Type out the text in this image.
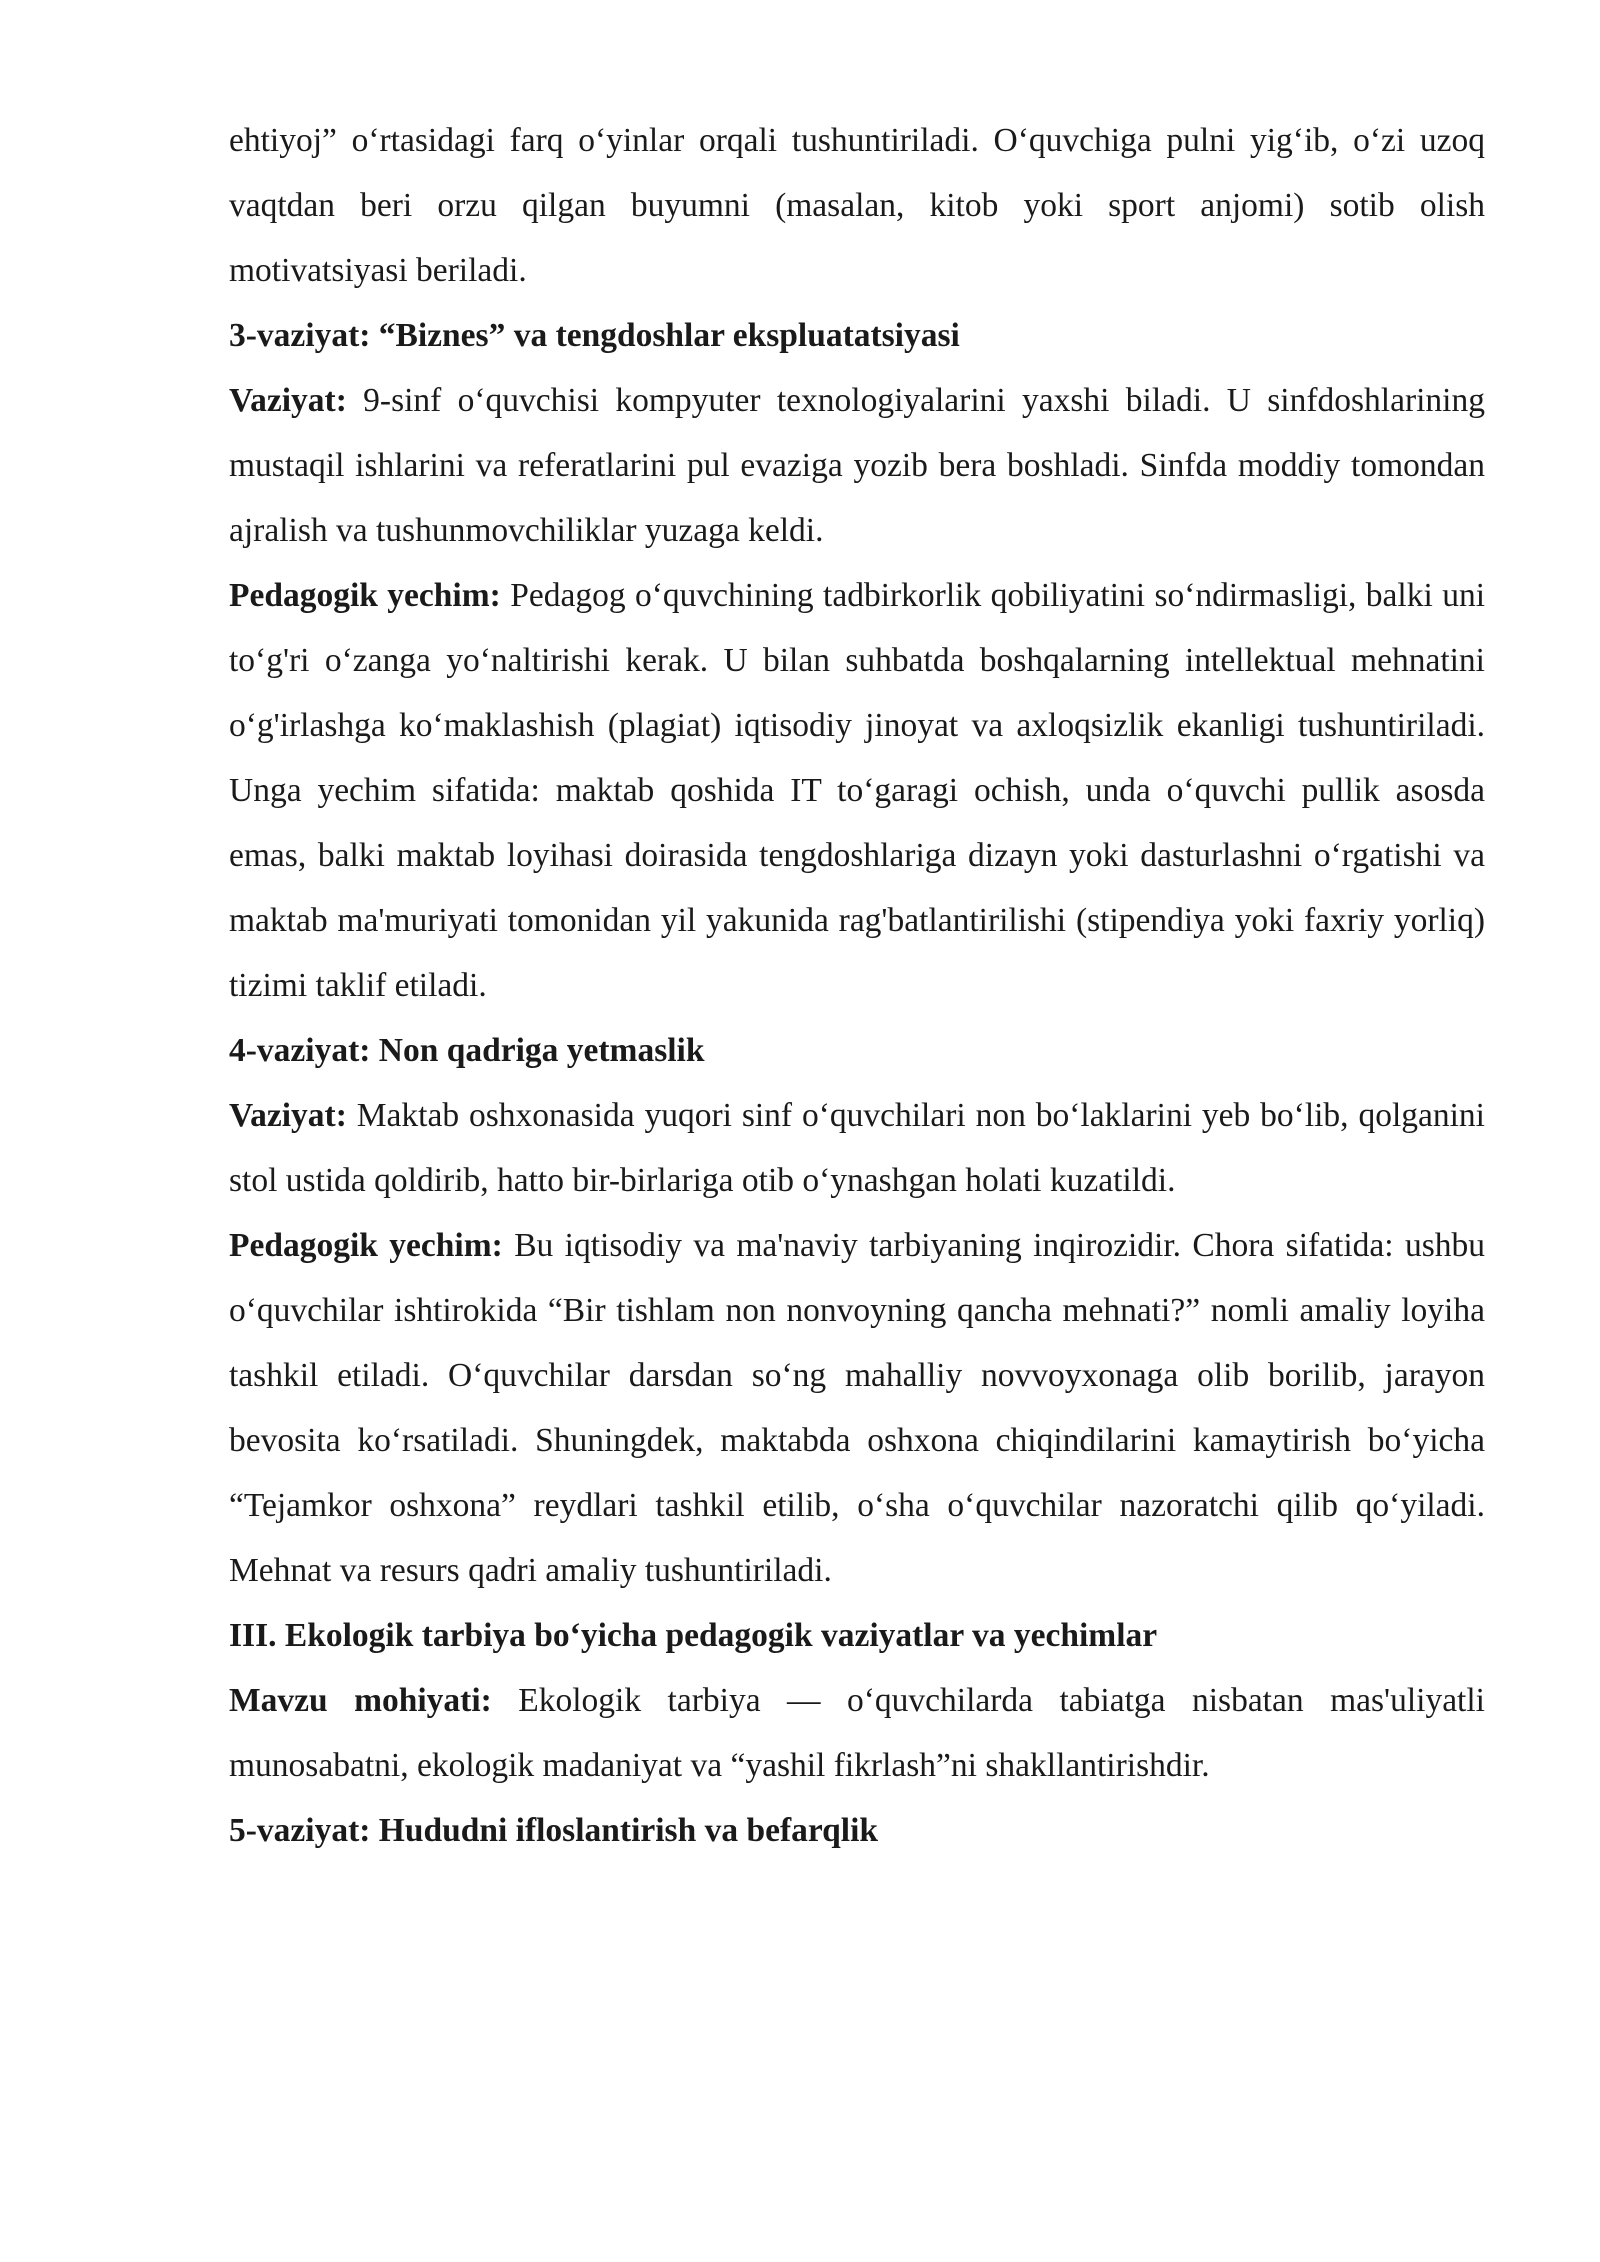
ehtiyoj” oʻrtasidagi farq oʻyinlar orqali tushuntiriladi. Oʻquvchiga pulni yigʻib, oʻzi uzoq vaqtdan beri orzu qilgan buyumni (masalan, kitob yoki sport anjomi) sotib olish motivatsiyasi beriladi.

3-vaziyat: “Biznes” va tengdoshlar ekspluatatsiyasi

Vaziyat: 9-sinf oʻquvchisi kompyuter texnologiyalarini yaxshi biladi. U sinfdoshlarining mustaqil ishlarini va referatlarini pul evaziga yozib bera boshladi. Sinfda moddiy tomondan ajralish va tushunmovchiliklar yuzaga keldi.

Pedagogik yechim: Pedagog oʻquvchining tadbirkorlik qobiliyatini soʻndirmasligi, balki uni toʻg'ri oʻzanga yoʻnaltirishi kerak. U bilan suhbatda boshqalarning intellektual mehnatini oʻg'irlashga koʻmaklashish (plagiat) iqtisodiy jinoyat va axloqsizlik ekanligi tushuntiriladi. Unga yechim sifatida: maktab qoshida IT toʻgaragi ochish, unda oʻquvchi pullik asosda emas, balki maktab loyihasi doirasida tengdoshlariga dizayn yoki dasturlashni oʻrgatishi va maktab ma'muriyati tomonidan yil yakunida rag'batlantirilishi (stipendiya yoki faxriy yorliq) tizimi taklif etiladi.

4-vaziyat: Non qadriga yetmaslik

Vaziyat: Maktab oshxonasida yuqori sinf oʻquvchilari non boʻlaklarini yeb boʻlib, qolganini stol ustida qoldirib, hatto bir-birlariga otib oʻynashgan holati kuzatildi.

Pedagogik yechim: Bu iqtisodiy va ma'naviy tarbiyaning inqirozidir. Chora sifatida: ushbu oʻquvchilar ishtirokida “Bir tishlam non nonvoyning qancha mehnati?” nomli amaliy loyiha tashkil etiladi. Oʻquvchilar darsdan soʻng mahalliy novvoyxonaga olib borilib, jarayon bevosita koʻrsatiladi. Shuningdek, maktabda oshxona chiqindilarini kamaytirish boʻyicha “Tejamkor oshxona” reydlari tashkil etilib, oʻsha oʻquvchilar nazoratchi qilib qoʻyiladi. Mehnat va resurs qadri amaliy tushuntiriladi.

III. Ekologik tarbiya boʻyicha pedagogik vaziyatlar va yechimlar

Mavzu mohiyati: Ekologik tarbiya — oʻquvchilarda tabiatga nisbatan mas'uliyatli munosabatni, ekologik madaniyat va “yashil fikrlash”ni shakllantirishdir.

5-vaziyat: Hududni ifloslantirish va befarqlik
